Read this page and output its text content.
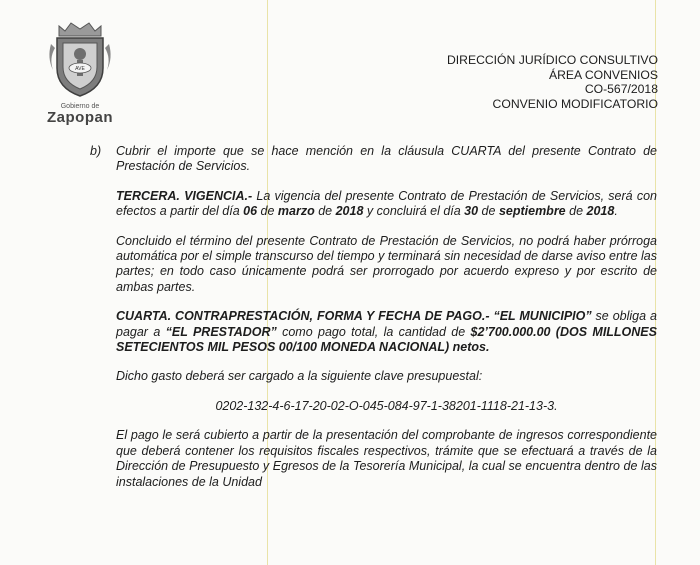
AVE
Gobierno de
Zapopan
DIRECCIÓN JURÍDICO CONSULTIVO
ÁREA CONVENIOS
CO-567/2018
CONVENIO MODIFICATORIO

b) Cubrir el importe que se hace mención en la cláusula CUARTA del presente Contrato de Prestación de Servicios.

TERCERA. VIGENCIA.- La vigencia del presente Contrato de Prestación de Servicios, será con efectos a partir del día 06 de marzo de 2018 y concluirá el día 30 de septiembre de 2018.

Concluido el término del presente Contrato de Prestación de Servicios, no podrá haber prórroga automática por el simple transcurso del tiempo y terminará sin necesidad de darse aviso entre las partes; en todo caso únicamente podrá ser prorrogado por acuerdo expreso y por escrito de ambas partes.

CUARTA. CONTRAPRESTACIÓN, FORMA Y FECHA DE PAGO.- “EL MUNICIPIO” se obliga a pagar a “EL PRESTADOR” como pago total, la cantidad de $2’700.000.00 (DOS MILLONES SETECIENTOS MIL PESOS 00/100 MONEDA NACIONAL) netos.

Dicho gasto deberá ser cargado a la siguiente clave presupuestal:

0202-132-4-6-17-20-02-O-045-084-97-1-38201-1118-21-13-3.

El pago le será cubierto a partir de la presentación del comprobante de ingresos correspondiente que deberá contener los requisitos fiscales respectivos, trámite que se efectuará a través de la Dirección de Presupuesto y Egresos de la Tesorería Municipal, la cual se encuentra dentro de las instalaciones de la Unidad
